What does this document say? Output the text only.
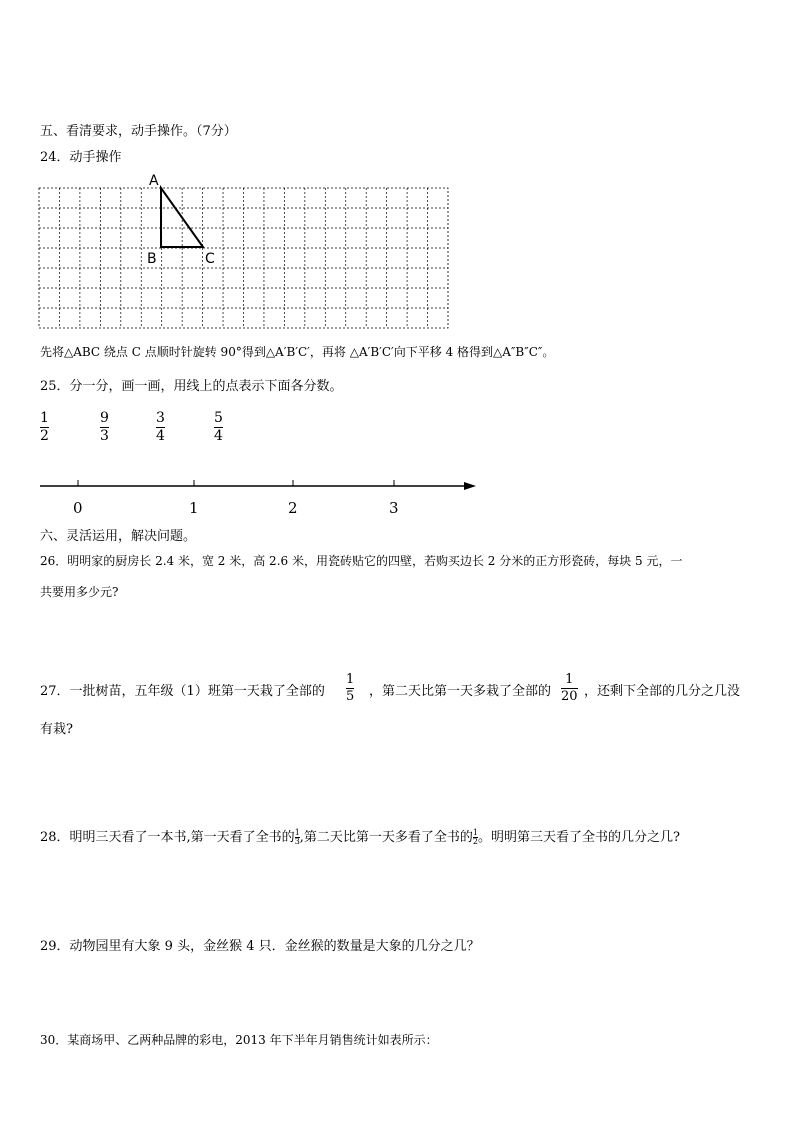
五、看清要求，动手操作。（7分）
24．动手操作
A
B	C
先将△ABC 绕点 C 点顺时针旋转 90°得到△A′B′C′，再将 △A′B′C′向下平移 4 格得到△A″B″C″。
25．分一分，画一画，用线上的点表示下面各分数。
1
2
9
3
3
4
5
4
0	1	2	3
六、灵活运用，解决问题。
26．明明家的厨房长 2.4 米，宽 2 米，高 2.6 米，用瓷砖贴它的四壁，若购买边长 2 分米的正方形瓷砖，每块 5 元，一
共要用多少元?
27．一批树苗，五年级（1）班第一天栽了全部的
1
5 ，第二天比第一天多栽了全部的
1
20 ，还剩下全部的几分之几没
有栽?
28．明明三天看了一本书,第一天看了全书的 $\frac{1}{3}$ ,第二天比第一天多看了全书的 $\frac{1}{2}$ 。明明第三天看了全书的几分之几?
29．动物园里有大象 9 头，金丝猴 4 只．金丝猴的数量是大象的几分之几？
30．某商场甲、乙两种品牌的彩电，2013 年下半年月销售统计如表所示：
